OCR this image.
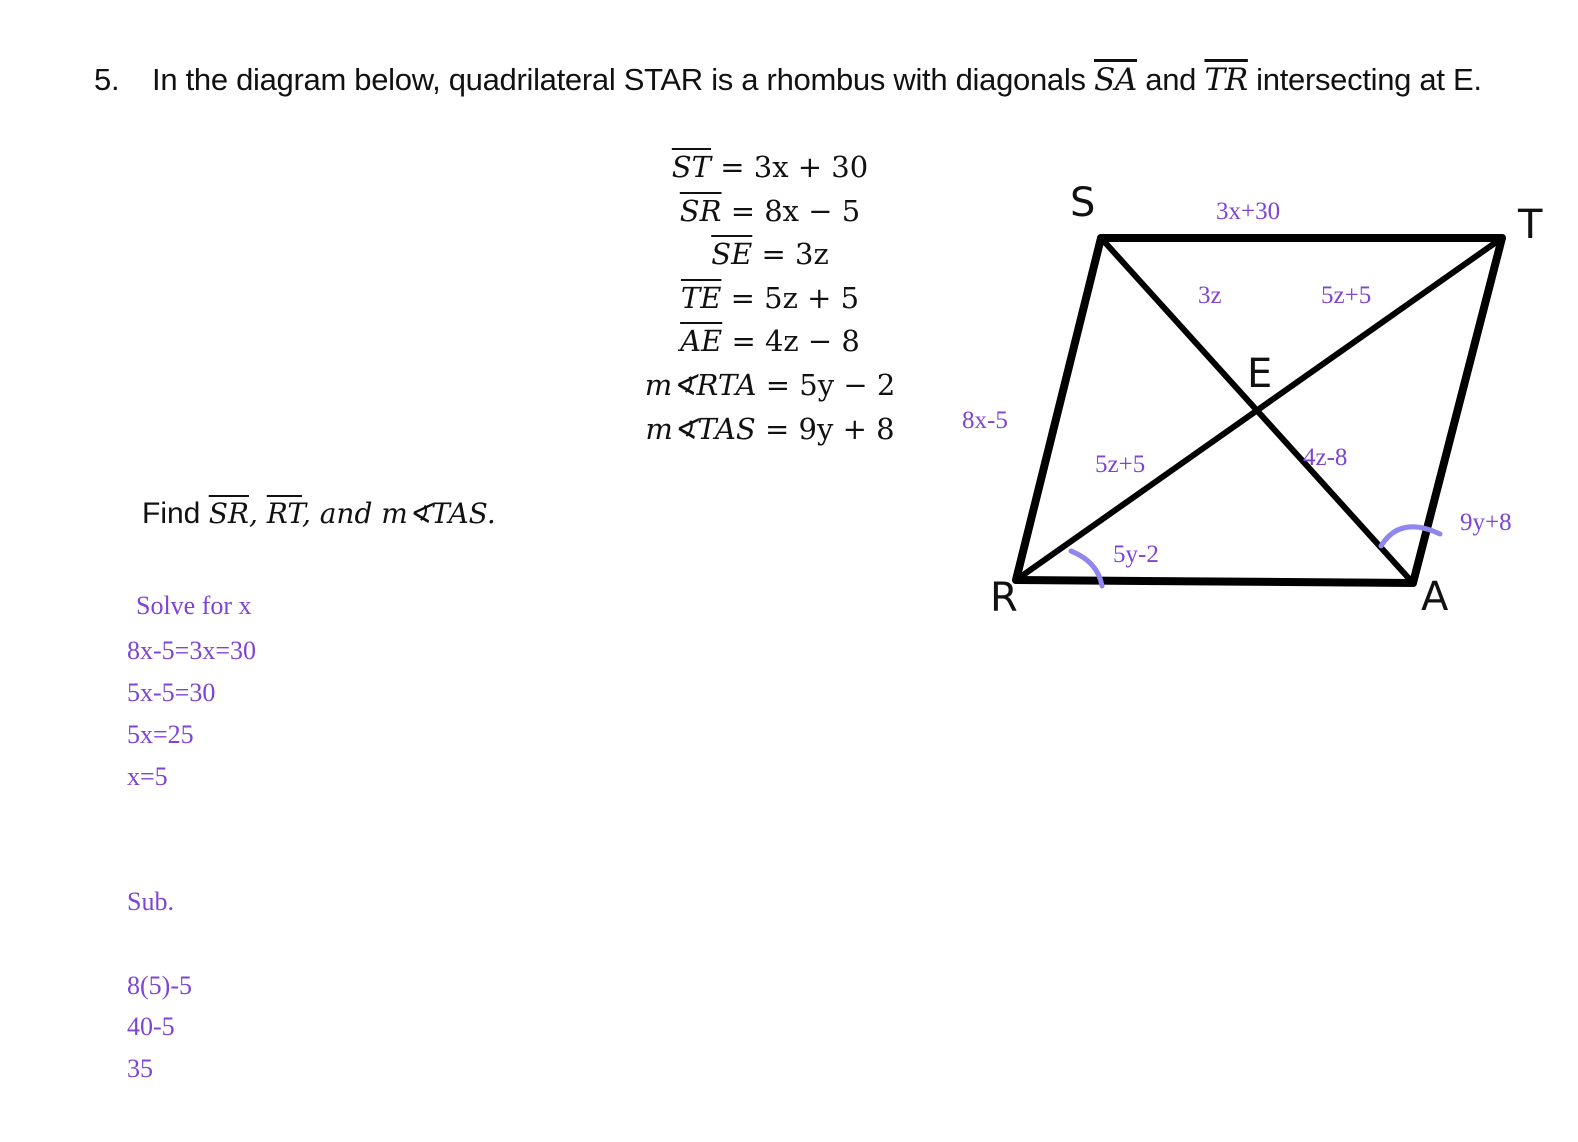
5. In the diagram below, quadrilateral STAR is a rhombus with diagonals $\overline{SA}$ and $\overline{TR}$ intersecting at E.
$\overline{ST} = 3x + 30$
$\overline{SR} = 8x - 5$
$\overline{SE} = 3z$
$\overline{TE} = 5z + 5$
$\overline{AE} = 4z - 8$
m∢RTA = 5y − 2
m∢TAS = 9y + 8
Find $\overline{SR}$, $\overline{RT}$, and m∢TAS.
Solve for x
8x-5=3x=30
5x-5=30
5x=25
x=5
Sub.
8(5)-5
40-5
35
S	T
E
R	A
3x+30
8x-5
3z	5z+5
5z+5	4z-8
5y-2
9y+8
